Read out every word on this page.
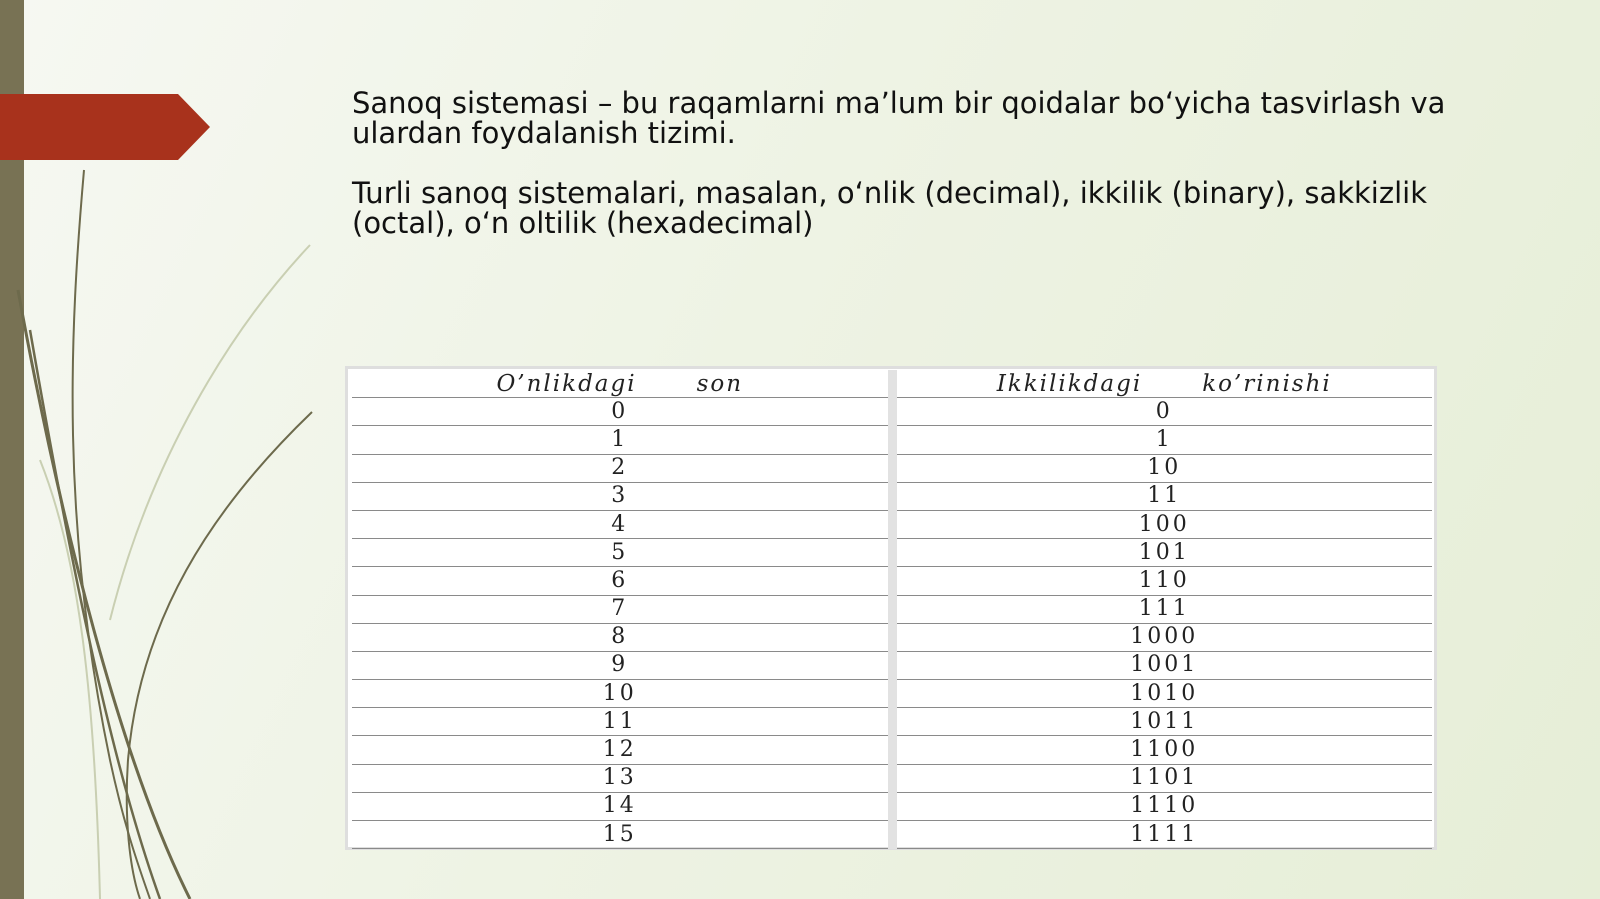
Sanoq sistemasi – bu raqamlarni ma’lum bir qoidalar bo‘yicha tasvirlash va ulardan foydalanish tizimi.

Turli sanoq sistemalari, masalan, o‘nlik (decimal), ikkilik (binary), sakkizlik (octal), o‘n oltilik (hexadecimal)

O’nlikdagi son	Ikkilikdagi ko’rinishi
0	0
1	1
2	10
3	11
4	100
5	101
6	110
7	111
8	1000
9	1001
10	1010
11	1011
12	1100
13	1101
14	1110
15	1111
